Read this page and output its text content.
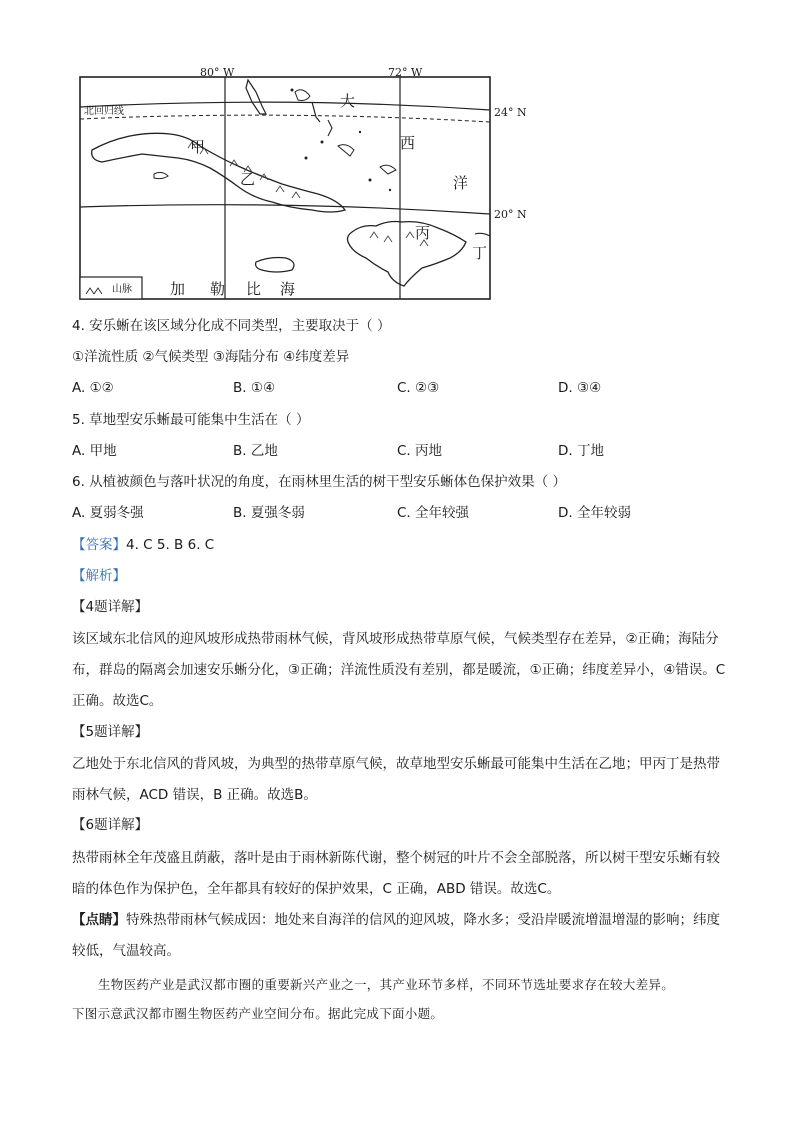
80° W	72° W
24° N
20° N
北回归线
山脉
大
西
洋
加 勒 比 海
甲
乙
丙
丁
4. 安乐蜥在该区域分化成不同类型，主要取决于（ ）
①洋流性质 ②气候类型 ③海陆分布 ④纬度差异
A. ①②	B. ①④	C. ②③	D. ③④
5. 草地型安乐蜥最可能集中生活在（ ）
A. 甲地	B. 乙地	C. 丙地	D. 丁地
6. 从植被颜色与落叶状况的角度，在雨林里生活的树干型安乐蜥体色保护效果（ ）
A. 夏弱冬强	B. 夏强冬弱	C. 全年较强	D. 全年较弱
【答案】4. C 5. B 6. C
【解析】
【4题详解】
该区域东北信风的迎风坡形成热带雨林气候，背风坡形成热带草原气候，气候类型存在差异，②正确；海陆分布，群岛的隔离会加速安乐蜥分化，③正确；洋流性质没有差别，都是暖流，①正确；纬度差异小，④错误。C正确。故选C。
【5题详解】
乙地处于东北信风的背风坡，为典型的热带草原气候，故草地型安乐蜥最可能集中生活在乙地；甲丙丁是热带雨林气候，ACD 错误，B 正确。故选B。
【6题详解】
热带雨林全年茂盛且荫蔽，落叶是由于雨林新陈代谢，整个树冠的叶片不会全部脱落，所以树干型安乐蜥有较暗的体色作为保护色，全年都具有较好的保护效果，C 正确，ABD 错误。故选C。
【点睛】特殊热带雨林气候成因：地处来自海洋的信风的迎风坡，降水多；受沿岸暖流增温增湿的影响；纬度较低，气温较高。
生物医药产业是武汉都市圈的重要新兴产业之一，其产业环节多样，不同环节选址要求存在较大差异。
下图示意武汉都市圈生物医药产业空间分布。据此完成下面小题。
